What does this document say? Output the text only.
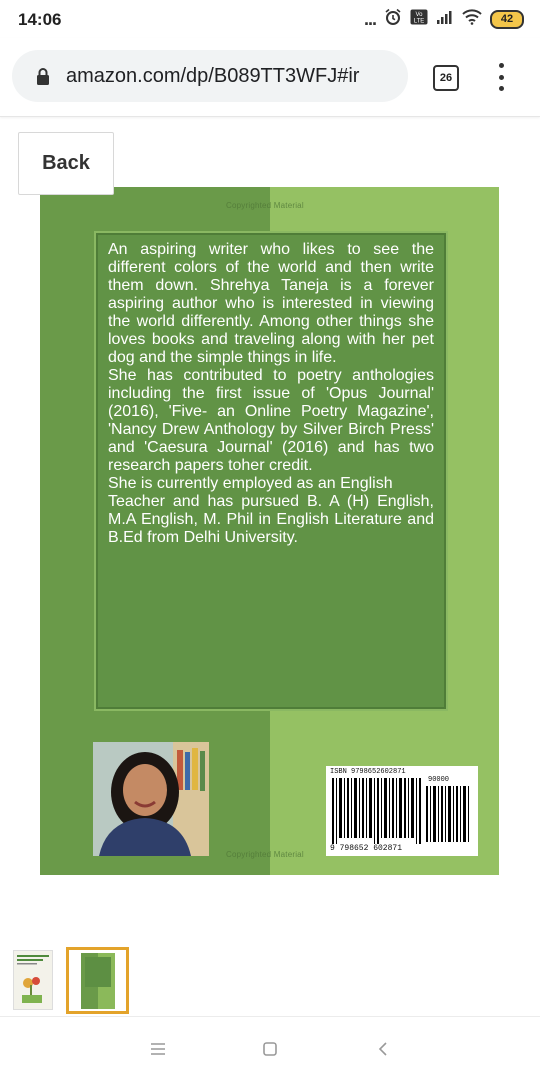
14:06	...	Vo
LTE	42
amazon.com/dp/B089TT3WFJ#ir	26
Copyrighted Material

An aspiring writer who likes to see the different colors of the world and then write them down. Shrehya Taneja is a forever aspiring author who is interested in viewing the world differently. Among other things she loves books and traveling along with her pet dog and the simple things in life.

She has contributed to poetry anthologies including the first issue of 'Opus Journal' (2016), 'Five- an Online Poetry Magazine', 'Nancy Drew Anthology by Silver Birch Press' and 'Caesura Journal' (2016) and has two research papers toher credit.

She is currently employed as an English

Teacher and has pursued B. A (H) English, M.A English, M. Phil in English Literature and B.Ed from Delhi University.

ISBN 9798652602871
90000
9 798652 602871
Copyrighted Material
Back
